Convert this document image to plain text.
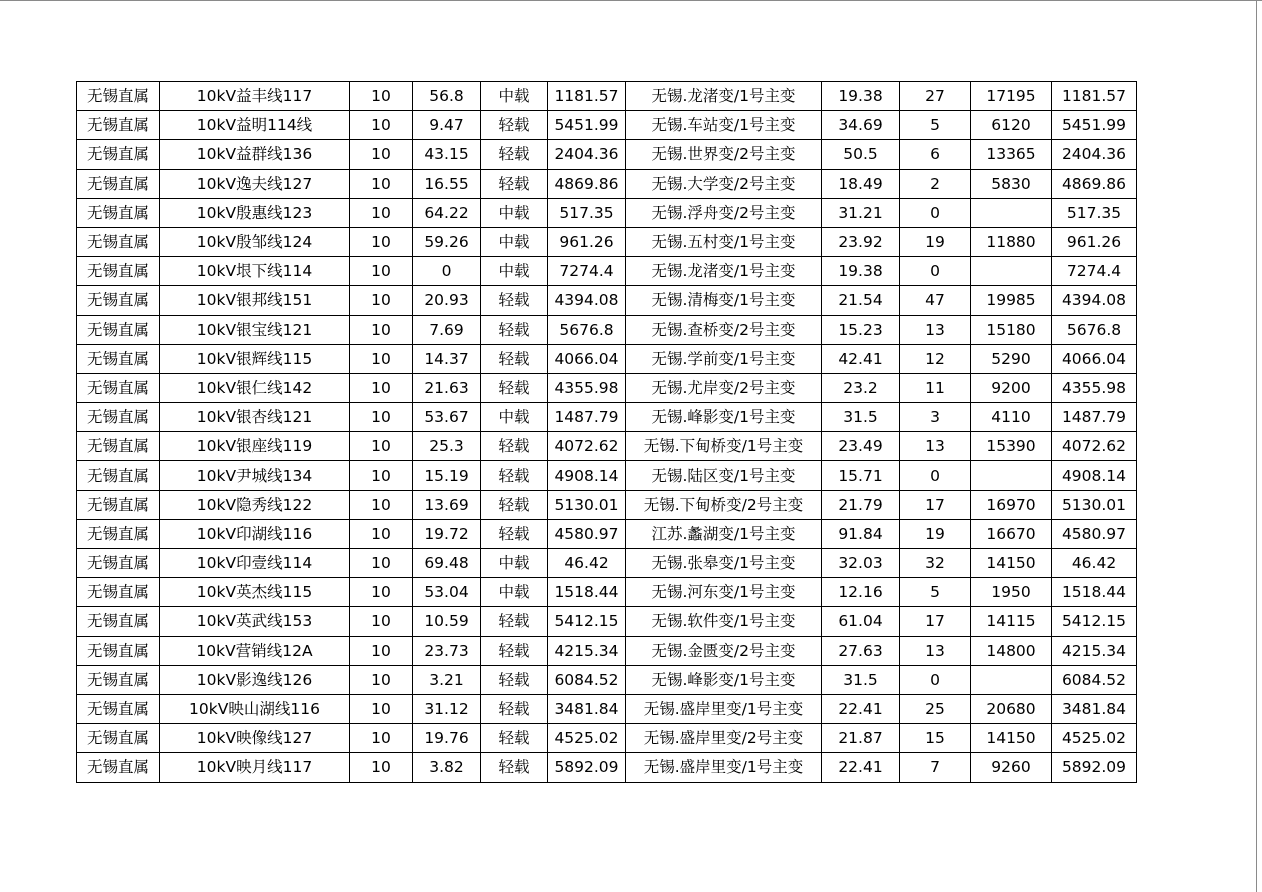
无锡直属	10kV益丰线117	10	56.8	中载	1181.57	无锡.龙渚变/1号主变	19.38	27	17195	1181.57
无锡直属	10kV益明114线	10	9.47	轻载	5451.99	无锡.车站变/1号主变	34.69	5	6120	5451.99
无锡直属	10kV益群线136	10	43.15	轻载	2404.36	无锡.世界变/2号主变	50.5	6	13365	2404.36
无锡直属	10kV逸夫线127	10	16.55	轻载	4869.86	无锡.大学变/2号主变	18.49	2	5830	4869.86
无锡直属	10kV殷惠线123	10	64.22	中载	517.35	无锡.浮舟变/2号主变	31.21	0		517.35
无锡直属	10kV殷邹线124	10	59.26	中载	961.26	无锡.五村变/1号主变	23.92	19	11880	961.26
无锡直属	10kV垠下线114	10	0	中载	7274.4	无锡.龙渚变/1号主变	19.38	0		7274.4
无锡直属	10kV银邦线151	10	20.93	轻载	4394.08	无锡.清梅变/1号主变	21.54	47	19985	4394.08
无锡直属	10kV银宝线121	10	7.69	轻载	5676.8	无锡.查桥变/2号主变	15.23	13	15180	5676.8
无锡直属	10kV银辉线115	10	14.37	轻载	4066.04	无锡.学前变/1号主变	42.41	12	5290	4066.04
无锡直属	10kV银仁线142	10	21.63	轻载	4355.98	无锡.尤岸变/2号主变	23.2	11	9200	4355.98
无锡直属	10kV银杏线121	10	53.67	中载	1487.79	无锡.峰影变/1号主变	31.5	3	4110	1487.79
无锡直属	10kV银座线119	10	25.3	轻载	4072.62	无锡.下甸桥变/1号主变	23.49	13	15390	4072.62
无锡直属	10kV尹城线134	10	15.19	轻载	4908.14	无锡.陆区变/1号主变	15.71	0		4908.14
无锡直属	10kV隐秀线122	10	13.69	轻载	5130.01	无锡.下甸桥变/2号主变	21.79	17	16970	5130.01
无锡直属	10kV印湖线116	10	19.72	轻载	4580.97	江苏.蠡湖变/1号主变	91.84	19	16670	4580.97
无锡直属	10kV印壹线114	10	69.48	中载	46.42	无锡.张皋变/1号主变	32.03	32	14150	46.42
无锡直属	10kV英杰线115	10	53.04	中载	1518.44	无锡.河东变/1号主变	12.16	5	1950	1518.44
无锡直属	10kV英武线153	10	10.59	轻载	5412.15	无锡.软件变/1号主变	61.04	17	14115	5412.15
无锡直属	10kV营销线12A	10	23.73	轻载	4215.34	无锡.金匮变/2号主变	27.63	13	14800	4215.34
无锡直属	10kV影逸线126	10	3.21	轻载	6084.52	无锡.峰影变/1号主变	31.5	0		6084.52
无锡直属	10kV映山湖线116	10	31.12	轻载	3481.84	无锡.盛岸里变/1号主变	22.41	25	20680	3481.84
无锡直属	10kV映像线127	10	19.76	轻载	4525.02	无锡.盛岸里变/2号主变	21.87	15	14150	4525.02
无锡直属	10kV映月线117	10	3.82	轻载	5892.09	无锡.盛岸里变/1号主变	22.41	7	9260	5892.09
